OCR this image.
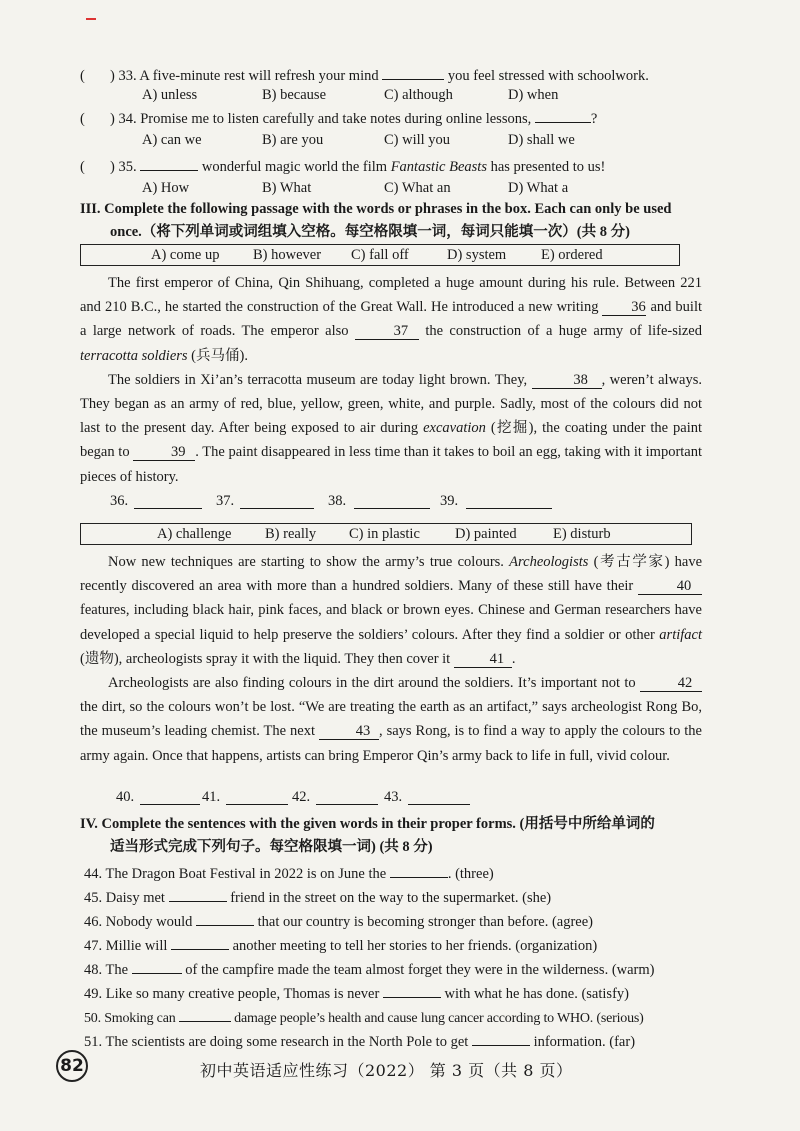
( ) 33. A five-minute rest will refresh your mind	you feel stressed with schoolwork.
A) unless	B) because	C) although	D) when
( ) 34. Promise me to listen carefully and take notes during online lessons,	?
A) can we	B) are you	C) will you	D) shall we
( ) 35.	wonderful magic world the film Fantastic Beasts has presented to us!
A) How	B) What	C) What an	D) What a
III. Complete the following passage with the words or phrases in the box. Each can only be used
once.（将下列单词或词组填入空格。每空格限填一词，每词只能填一次）(共 8 分)
A) come up B) however C) fall off	D) system E) ordered

The first emperor of China, Qin Shihuang, completed a huge amount during his rule. Between 221 and 210 B.C., he started the construction of the Great Wall. He introduced a new writing 36 and built a large network of roads. The emperor also	37 the construction of a huge army of life-sized terracotta soldiers (兵马俑).

The soldiers in Xi’an’s terracotta museum are today light brown. They,	38 , weren’t always. They began as an army of red, blue, yellow, green, white, and purple. Sadly, most of the colours did not last to the present day. After being exposed to air during excavation (挖掘), the coating under the paint began to	39 . The paint disappeared in less time than it takes to boil an egg, taking with it important pieces of history.

36.	37.	38.	39.
A) challenge B) really C) in plastic D) painted	E) disturb

Now new techniques are starting to show the army’s true colours. Archeologists (考古学家) have recently discovered an area with more than a hundred soldiers. Many of these still have their	40 features, including black hair, pink faces, and black or brown eyes. Chinese and German researchers have developed a special liquid to help preserve the soldiers’ colours. After they find a soldier or other artifact (遗物), archeologists spray it with the liquid. They then cover it	41 .

Archeologists are also finding colours in the dirt around the soldiers. It’s important not to	42 the dirt, so the colours won’t be lost. “We are treating the earth as an artifact,” says archeologist Rong Bo, the museum’s leading chemist. The next	43 , says Rong, is to find a way to apply the colours to the army again. Once that happens, artists can bring Emperor Qin’s army back to life in full, vivid colour.

40.	41.	42.	43.
IV. Complete the sentences with the given words in their proper forms. (用括号中所给单词的
适当形式完成下列句子。每空格限填一词) (共 8 分)
44. The Dragon Boat Festival in 2022 is on June the	. (three)
45. Daisy met	friend in the street on the way to the supermarket. (she)
46. Nobody would	that our country is becoming stronger than before. (agree)
47. Millie will	another meeting to tell her stories to her friends. (organization)
48. The	of the campfire made the team almost forget they were in the wilderness. (warm)
49. Like so many creative people, Thomas is never	with what he has done. (satisfy)
50. Smoking can	damage people’s health and cause lung cancer according to WHO. (serious)
51. The scientists are doing some research in the North Pole to get	information. (far)
82	初中英语适应性练习（2022） 第 3 页（共 8 页）
